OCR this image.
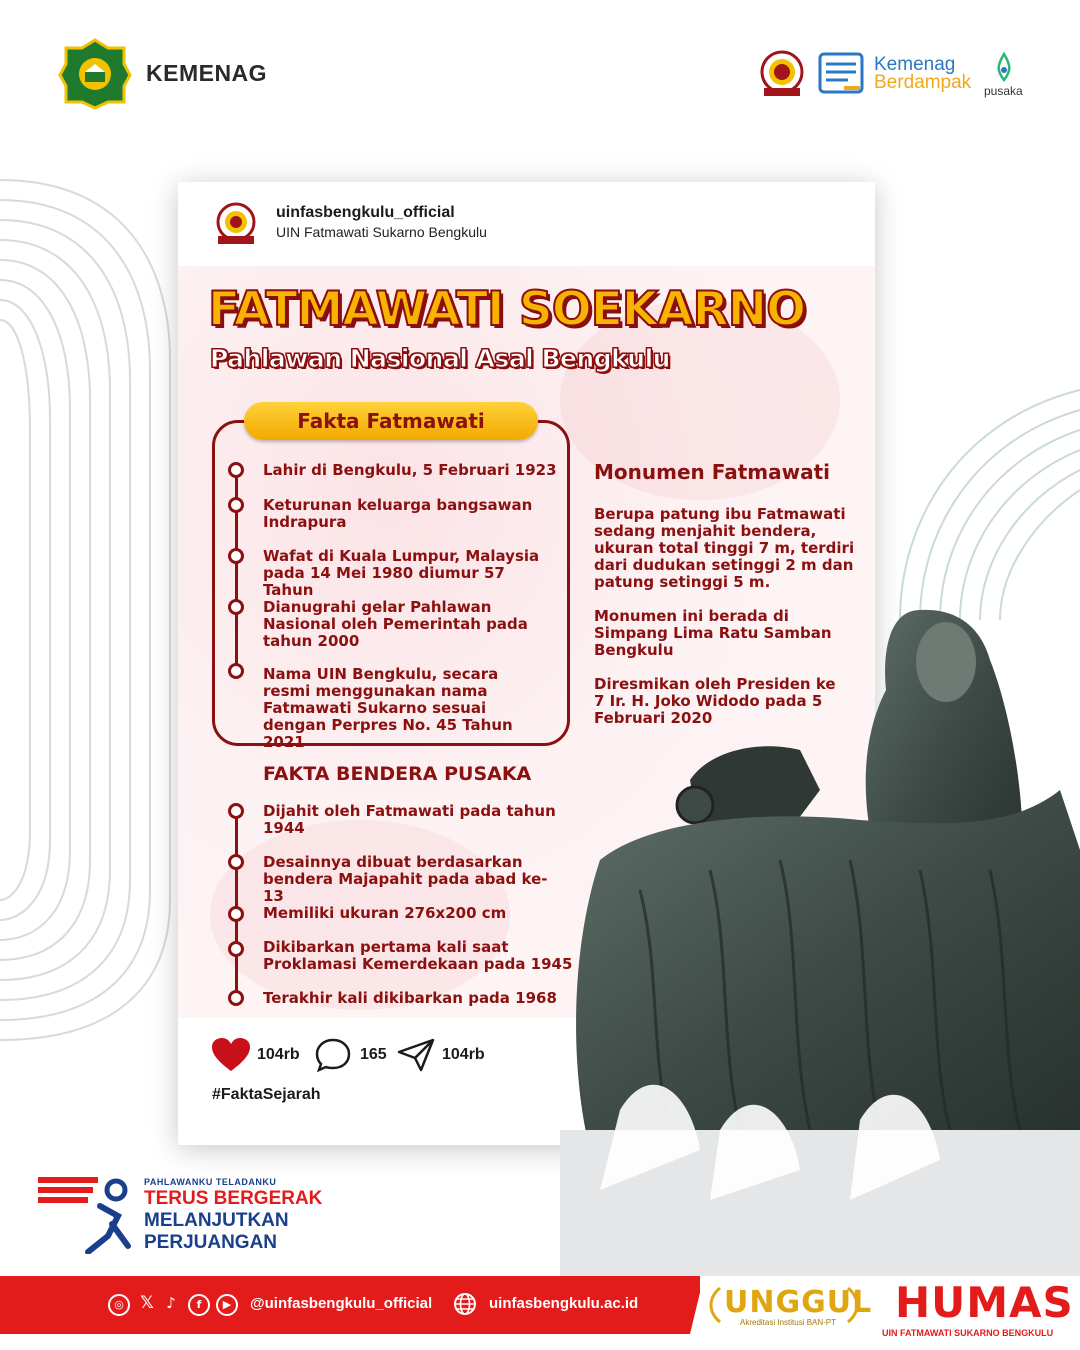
KEMENAG	Kemenag
Berdampak pusaka
uinfasbengkulu_official
UIN Fatmawati Sukarno Bengkulu
FATMAWATI SOEKARNO
Pahlawan Nasional Asal Bengkulu
Fakta Fatmawati
Lahir di Bengkulu, 5 Februari 1923
Keturunan keluarga bangsawan Indrapura
Wafat di Kuala Lumpur, Malaysia pada 14 Mei 1980 diumur 57 Tahun
Dianugrahi gelar Pahlawan Nasional oleh Pemerintah pada tahun 2000
Nama UIN Bengkulu, secara resmi menggunakan nama Fatmawati Sukarno sesuai dengan Perpres No. 45 Tahun 2021
FAKTA BENDERA PUSAKA
Dijahit oleh Fatmawati pada tahun 1944
Desainnya dibuat berdasarkan bendera Majapahit pada abad ke-13
Memiliki ukuran 276x200 cm
Dikibarkan pertama kali saat Proklamasi Kemerdekaan pada 1945
Terakhir kali dikibarkan pada 1968
Monumen Fatmawati
Berupa patung ibu Fatmawati sedang menjahit bendera, ukuran total tinggi 7 m, terdiri dari dudukan setinggi 2 m dan patung setinggi 5 m.
Monumen ini berada di Simpang Lima Ratu Samban Bengkulu
Diresmikan oleh Presiden ke 7 Ir. H. Joko Widodo pada 5 Februari 2020
104rb	165	104rb
#FaktaSejarah
PAHLAWANKU TELADANKU
TERUS BERGERAK
MELANJUTKAN
PERJUANGAN
◎ 𝕏 ♪	f	▶	@uinfasbengkulu_official	uinfasbengkulu.ac.id	UNGGUL
Akreditasi Institusi BAN-PT HUMAS
UIN FATMAWATI SUKARNO BENGKULU
